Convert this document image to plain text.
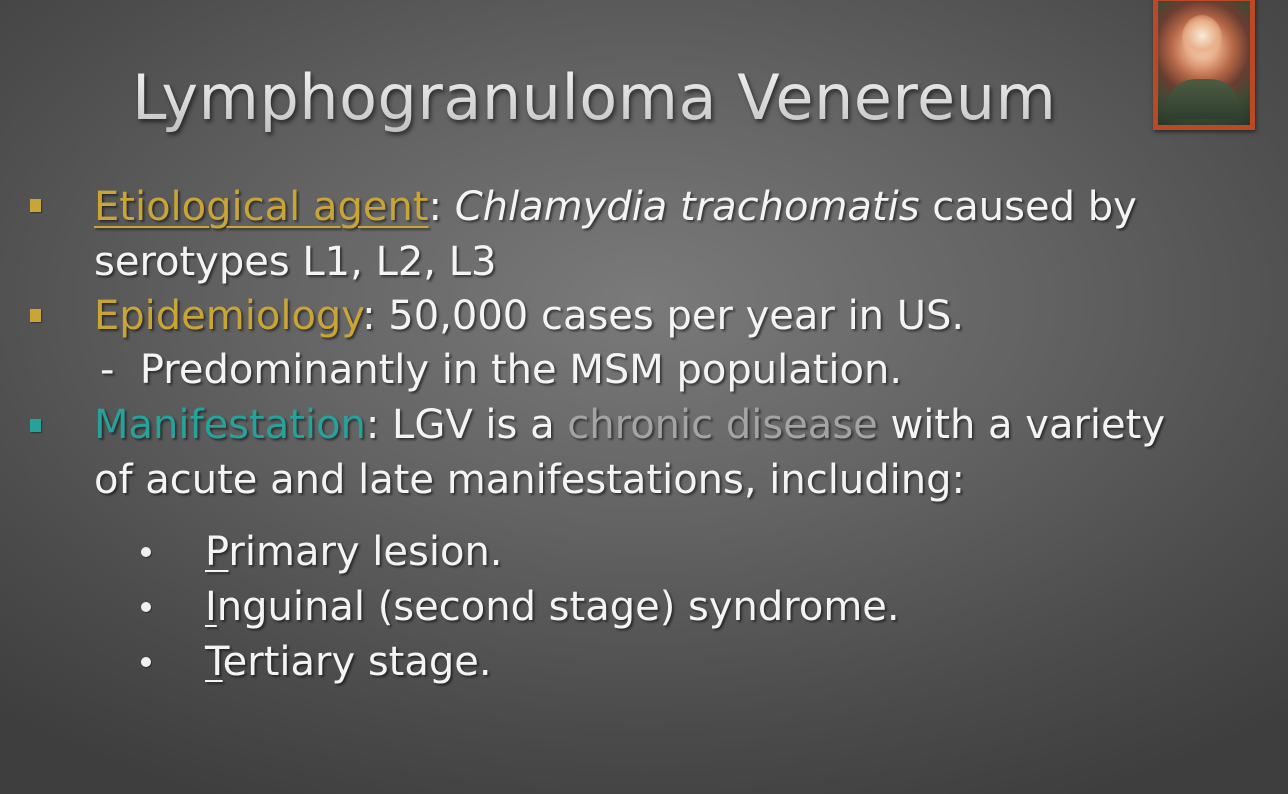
Lymphogranuloma Venereum

Etiological agent: Chlamydia trachomatis caused by

serotypes L1, L2, L3

Epidemiology: 50,000 cases per year in US.

- Predominantly in the MSM population.

Manifestation: LGV is a chronic disease with a variety

of acute and late manifestations, including:

Primary lesion.

Inguinal (second stage) syndrome.

Tertiary stage.
